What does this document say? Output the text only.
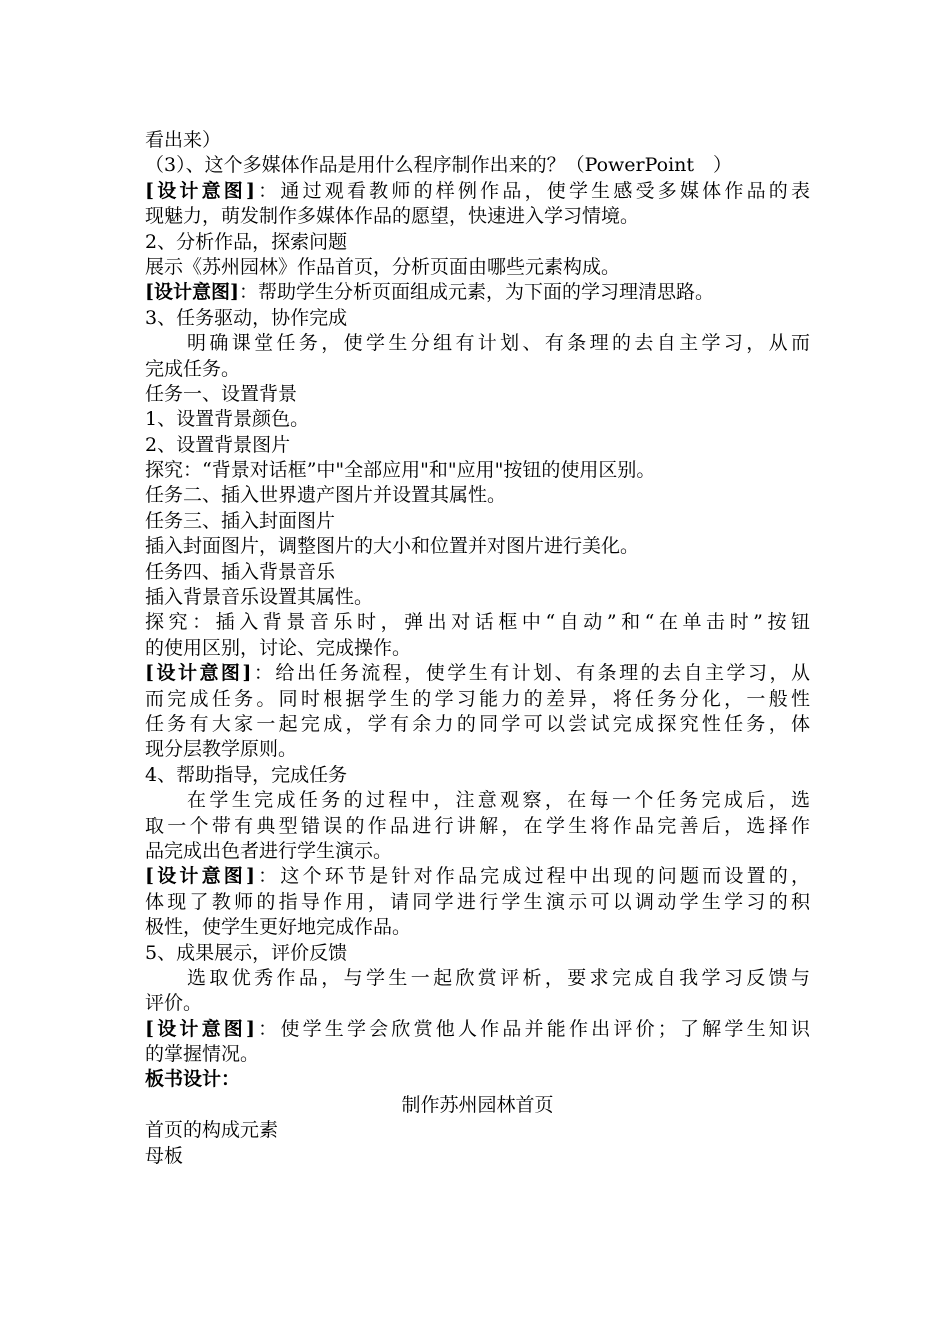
看出来）
（3）、这个多媒体作品是用什么程序制作出来的？（PowerPoint　）
[设计意图]：通过观看教师的样例作品，使学生感受多媒体作品的表
现魅力，萌发制作多媒体作品的愿望，快速进入学习情境。
2、分析作品，探索问题
展示《苏州园林》作品首页，分析页面由哪些元素构成。
[设计意图]：帮助学生分析页面组成元素，为下面的学习理清思路。
3、任务驱动，协作完成
明确课堂任务，使学生分组有计划、有条理的去自主学习，从而
完成任务。
任务一、设置背景
1、设置背景颜色。
2、设置背景图片
探究：“背景对话框”中"全部应用"和"应用"按钮的使用区别。
任务二、插入世界遗产图片并设置其属性。
任务三、插入封面图片
插入封面图片，调整图片的大小和位置并对图片进行美化。
任务四、插入背景音乐
插入背景音乐设置其属性。
探究：插入背景音乐时，弹出对话框中“自动”和“在单击时”按钮
的使用区别，讨论、完成操作。
[设计意图]：给出任务流程，使学生有计划、有条理的去自主学习，从
而完成任务。同时根据学生的学习能力的差异，将任务分化，一般性
任务有大家一起完成，学有余力的同学可以尝试完成探究性任务，体
现分层教学原则。
4、帮助指导，完成任务
在学生完成任务的过程中，注意观察，在每一个任务完成后，选
取一个带有典型错误的作品进行讲解，在学生将作品完善后，选择作
品完成出色者进行学生演示。
[设计意图]：这个环节是针对作品完成过程中出现的问题而设置的，
体现了教师的指导作用，请同学进行学生演示可以调动学生学习的积
极性，使学生更好地完成作品。
5、成果展示，评价反馈
选取优秀作品，与学生一起欣赏评析，要求完成自我学习反馈与
评价。
[设计意图]：使学生学会欣赏他人作品并能作出评价；了解学生知识
的掌握情况。
板书设计：
制作苏州园林首页
首页的构成元素
母板
